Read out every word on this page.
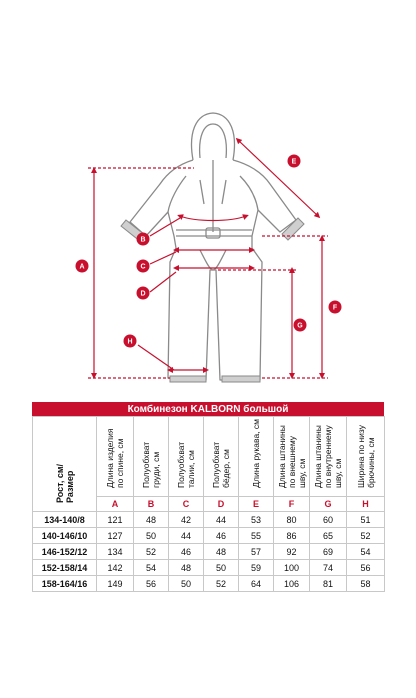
A
B
C
D
E
F
G
H
Комбинезон KALBORN большой
Рост, см/ Размер	Длина изделия по спине, см	Полуобхват груди, см	Полуобхват талии, см	Полуобхват бёдер, см	Длина рукава, см	Длина штанины по внешнему шву, см	Длина штанины по внутреннему шву, см	Ширина по низу брючины, см
	A	B	C	D	E	F	G	H
134-140/8	121	48	42	44	53	80	60	51
140-146/10	127	50	44	46	55	86	65	52
146-152/12	134	52	46	48	57	92	69	54
152-158/14	142	54	48	50	59	100	74	56
158-164/16	149	56	50	52	64	106	81	58
